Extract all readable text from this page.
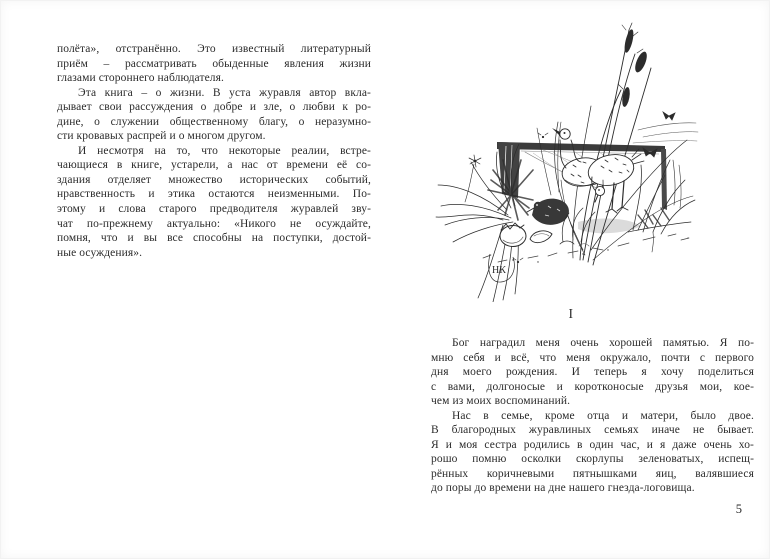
полёта», отстранённо. Это известный литературный
приём – рассматривать обыденные явления жизни
глазами стороннего наблюдателя.
Эта книга – о жизни. В уста журавля автор вкла-
дывает свои рассуждения о добре и зле, о любви к ро-
дине, о служении общественному благу, о неразумно-
сти кровавых распрей и о многом другом.
И несмотря на то, что некоторые реалии, встре-
чающиеся в книге, устарели, а нас от времени её со-
здания отделяет множество исторических событий,
нравственность и этика остаются неизменными. По-
этому и слова старого предводителя журавлей зву-
чат по-прежнему актуально: «Никого не осуждайте,
помня, что и вы все способны на поступки, достой-
ные осуждения».
НК
I
Бог наградил меня очень хорошей памятью. Я по-
мню себя и всё, что меня окружало, почти с первого
дня моего рождения. И теперь я хочу поделиться
с вами, долгоносые и коротконосые друзья мои, кое-
чем из моих воспоминаний.
Нас в семье, кроме отца и матери, было двое.
В благородных журавлиных семьях иначе не бывает.
Я и моя сестра родились в один час, и я даже очень хо-
рошо помню осколки скорлупы зеленоватых, испещ-
рённых коричневыми пятнышками яиц, валявшиеся
до поры до времени на дне нашего гнезда-логовища.
5
